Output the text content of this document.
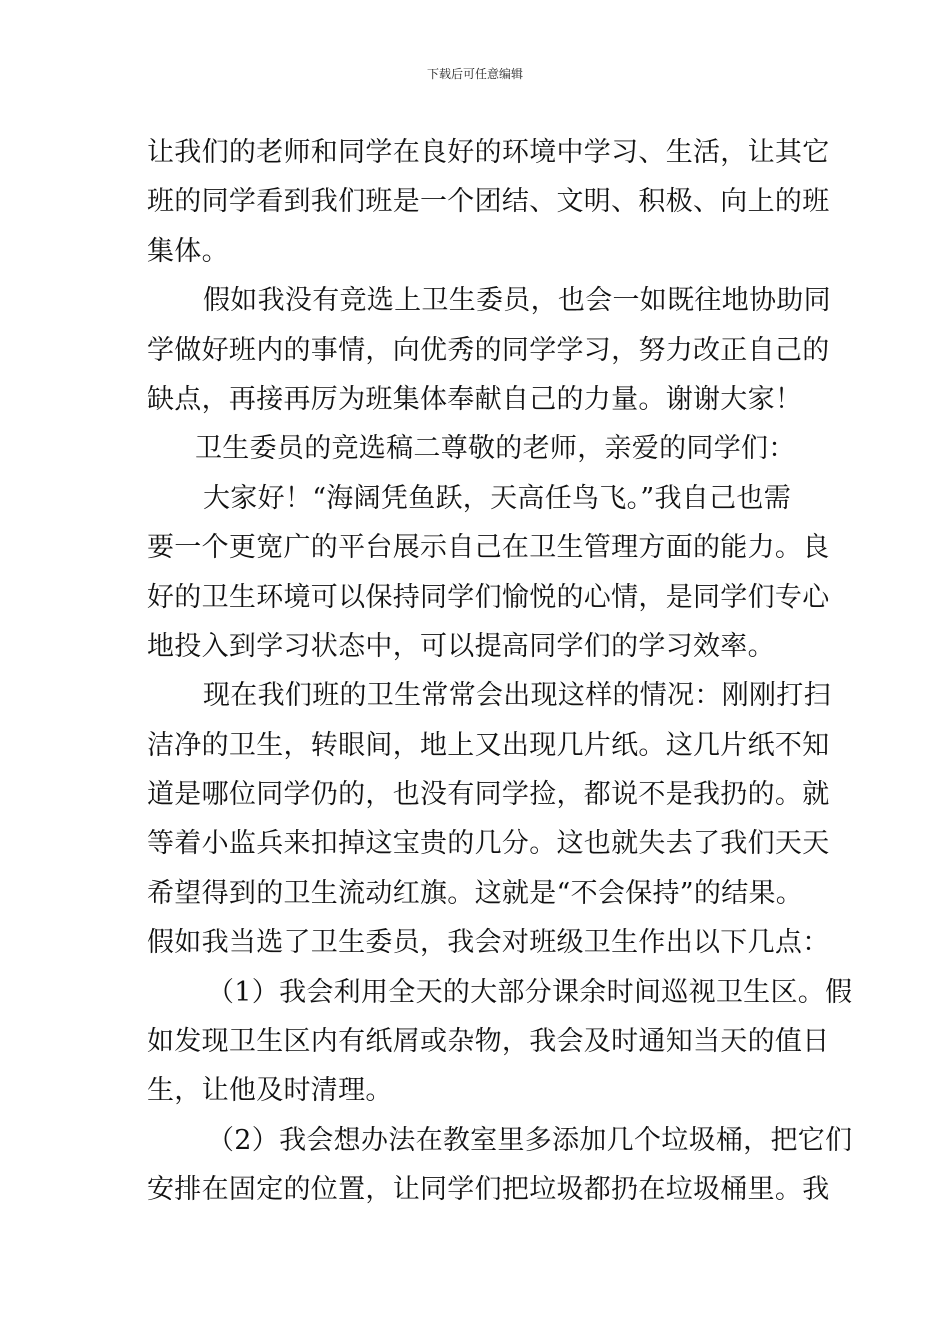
下载后可任意编辑

让我们的老师和同学在良好的环境中学习、生活，让其它
班的同学看到我们班是一个团结、文明、积极、向上的班
集体。

假如我没有竞选上卫生委员，也会一如既往地协助同
学做好班内的事情，向优秀的同学学习，努力改正自己的
缺点，再接再厉为班集体奉献自己的力量。谢谢大家！

卫生委员的竞选稿二尊敬的老师，亲爱的同学们：

大家好！“海阔凭鱼跃，天高任鸟飞。”我自己也需
要一个更宽广的平台展示自己在卫生管理方面的能力。良
好的卫生环境可以保持同学们愉悦的心情，是同学们专心
地投入到学习状态中，可以提高同学们的学习效率。

现在我们班的卫生常常会出现这样的情况：刚刚打扫
洁净的卫生，转眼间，地上又出现几片纸。这几片纸不知
道是哪位同学仍的，也没有同学捡，都说不是我扔的。就
等着小监兵来扣掉这宝贵的几分。这也就失去了我们天天
希望得到的卫生流动红旗。这就是“不会保持”的结果。
假如我当选了卫生委员，我会对班级卫生作出以下几点：

（1）我会利用全天的大部分课余时间巡视卫生区。假
如发现卫生区内有纸屑或杂物，我会及时通知当天的值日
生，让他及时清理。

（2）我会想办法在教室里多添加几个垃圾桶，把它们
安排在固定的位置，让同学们把垃圾都扔在垃圾桶里。我
